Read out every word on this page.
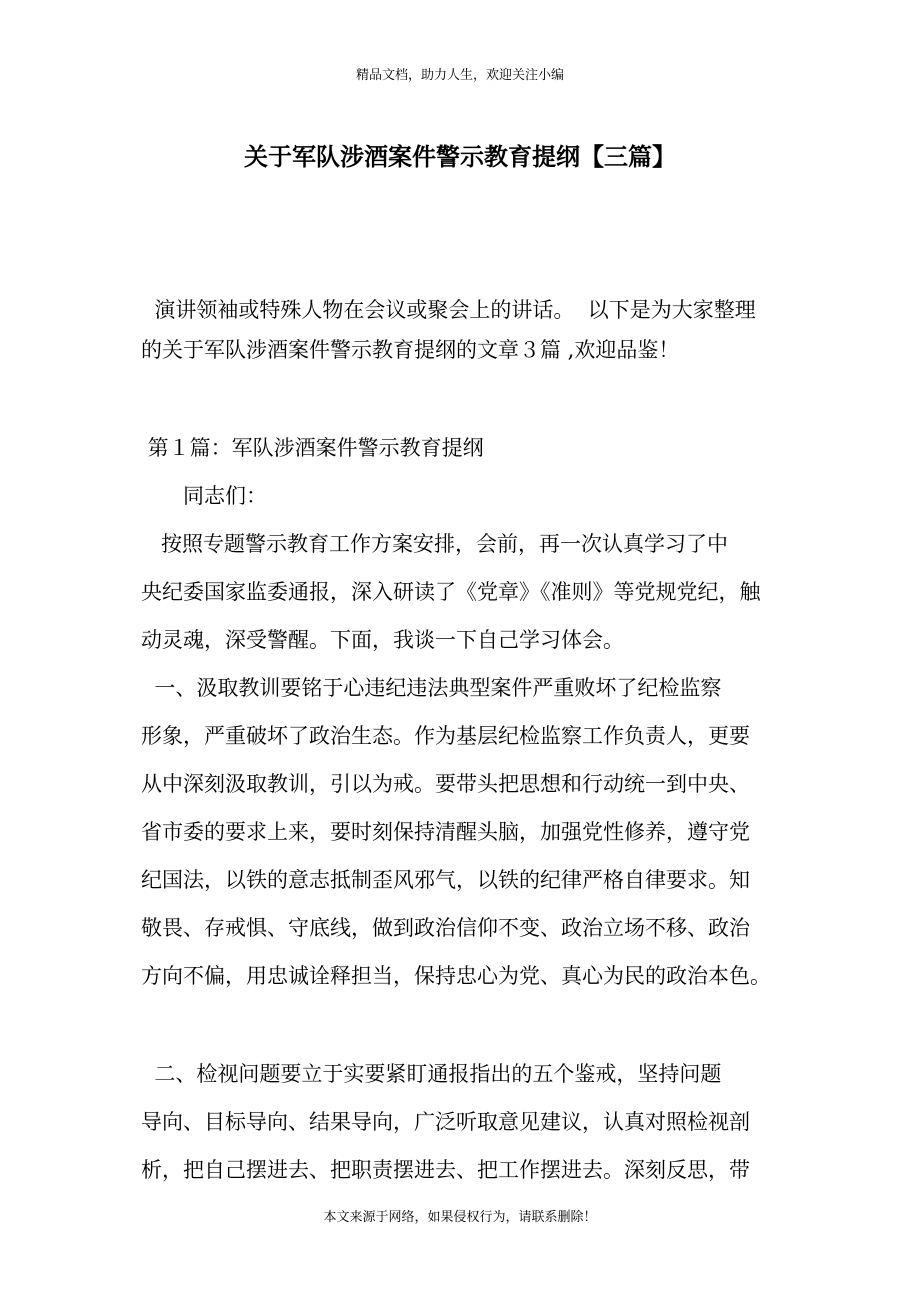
精品文档，助力人生，欢迎关注小编
关于军队涉酒案件警示教育提纲【三篇】

演讲领袖或特殊人物在会议或聚会上的讲话。  以下是为大家整理

的关于军队涉酒案件警示教育提纲的文章３篇 ,欢迎品鉴！

第１篇：军队涉酒案件警示教育提纲

同志们：

按照专题警示教育工作方案安排，会前，再一次认真学习了中

央纪委国家监委通报，深入研读了《党章》《准则》等党规党纪，触

动灵魂，深受警醒。下面，我谈一下自己学习体会。

一、汲取教训要铭于心违纪违法典型案件严重败坏了纪检监察

形象，严重破坏了政治生态。作为基层纪检监察工作负责人，更要

从中深刻汲取教训，引以为戒。要带头把思想和行动统一到中央、

省市委的要求上来，要时刻保持清醒头脑，加强党性修养，遵守党

纪国法，以铁的意志抵制歪风邪气，以铁的纪律严格自律要求。知

敬畏、存戒惧、守底线，做到政治信仰不变、政治立场不移、政治

方向不偏，用忠诚诠释担当，保持忠心为党、真心为民的政治本色。

二、检视问题要立于实要紧盯通报指出的五个鉴戒，坚持问题

导向、目标导向、结果导向，广泛听取意见建议，认真对照检视剖

析，把自己摆进去、把职责摆进去、把工作摆进去。深刻反思，带

本文来源于网络，如果侵权行为，请联系删除！
